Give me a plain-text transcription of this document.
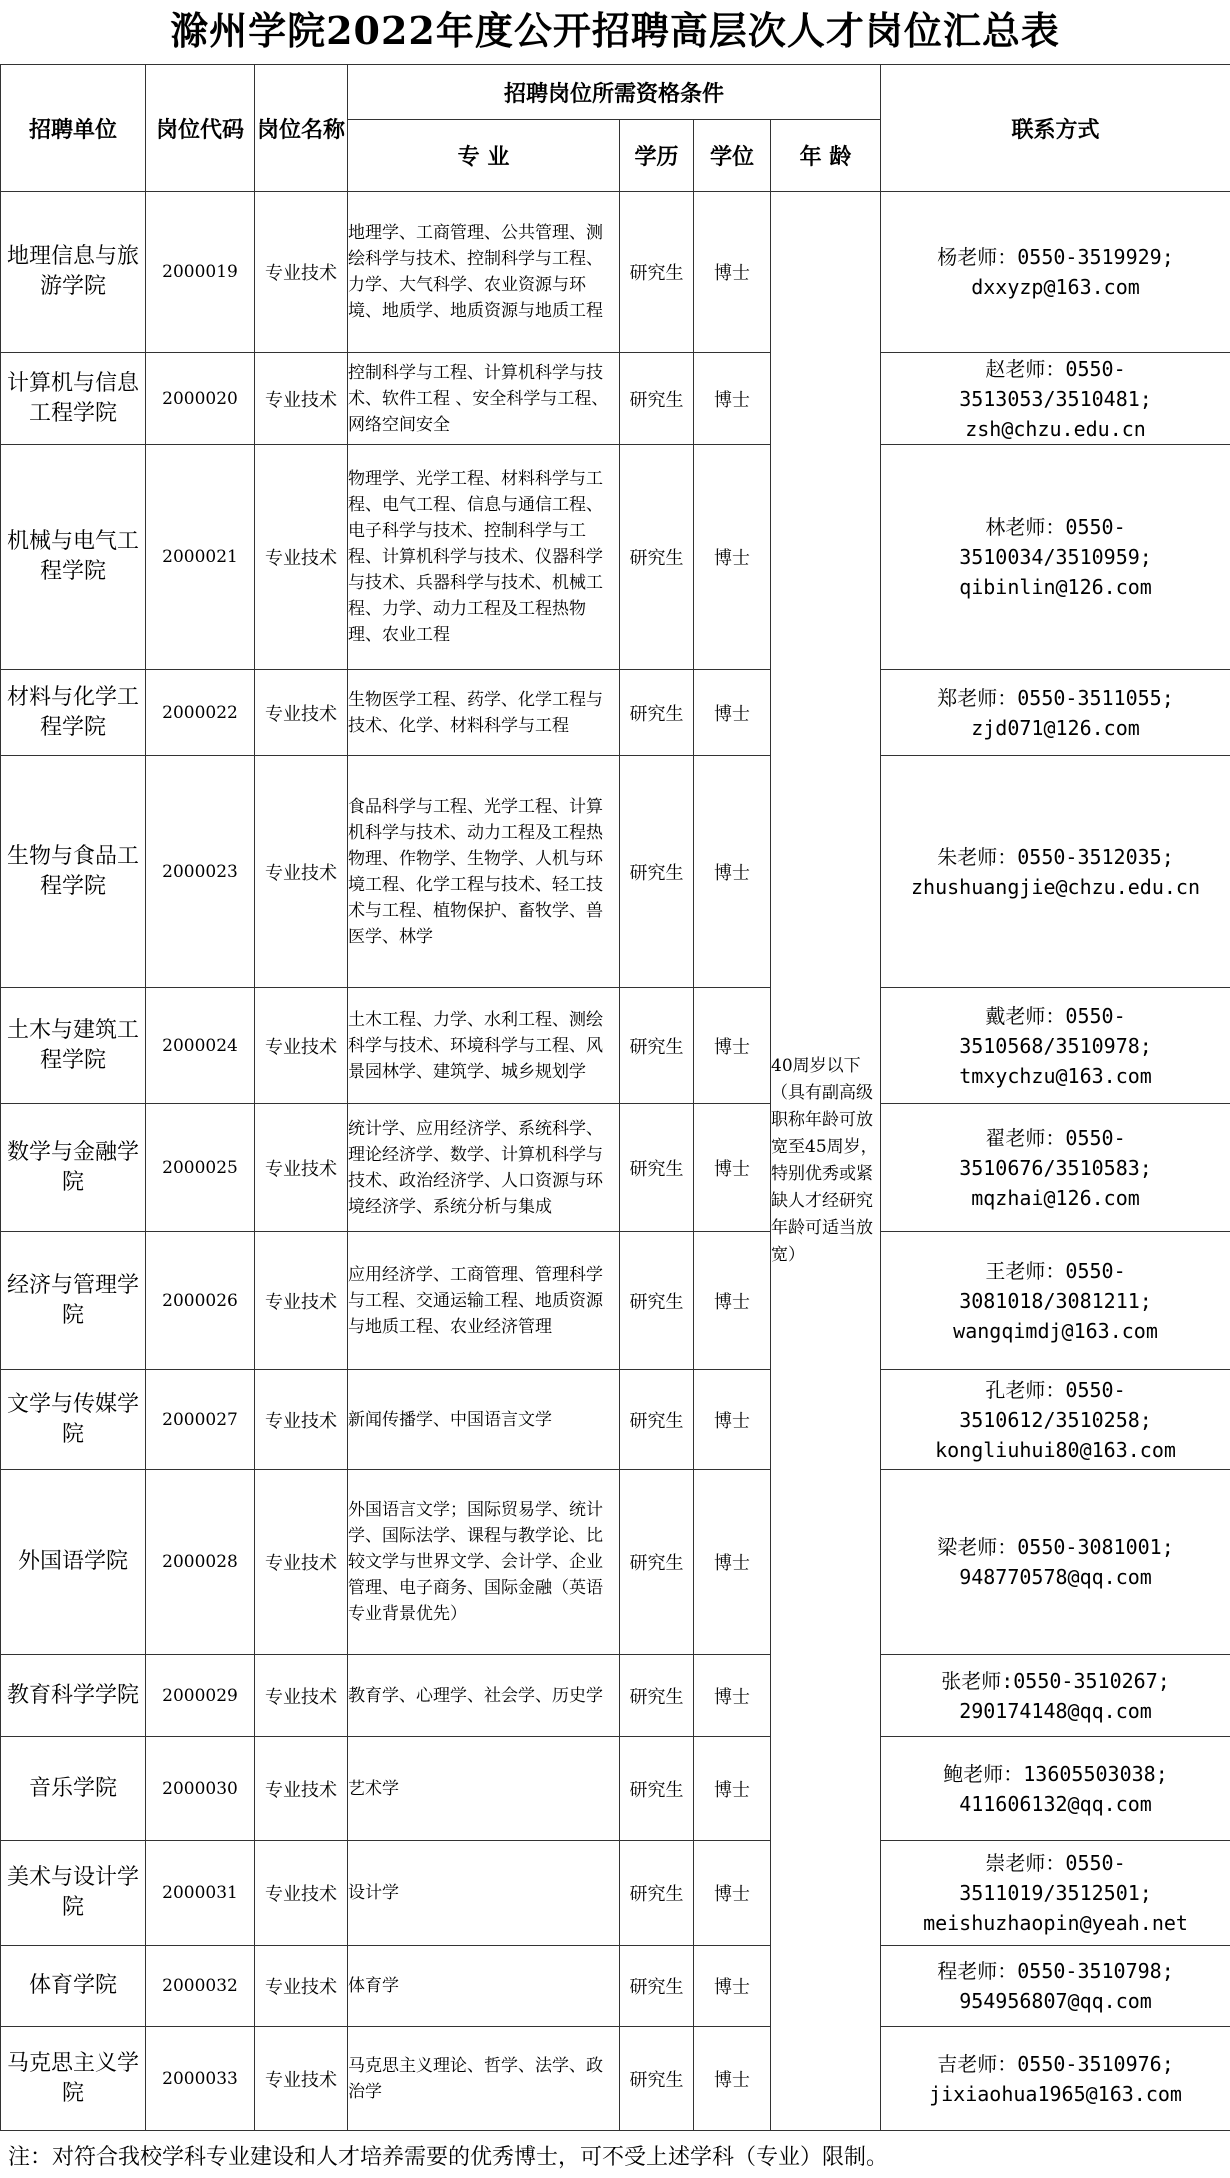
滁州学院2022年度公开招聘高层次人才岗位汇总表
招聘单位	岗位代码	岗位名称	招聘岗位所需资格条件				联系方式
			专 业	学历	学位	年 龄	
地理信息与旅游学院	2000019	专业技术	地理学、工商管理、公共管理、测绘科学与技术、控制科学与工程、力学、大气科学、农业资源与环境、地质学、地质资源与地质工程	研究生	博士	40周岁以下（具有副高级职称年龄可放宽至45周岁，特别优秀或紧缺人才经研究年龄可适当放宽）	杨老师：0550-3519929;
dxxyzp@163.com

计算机与信息工程学院	2000020	专业技术	控制科学与工程、计算机科学与技术、软件工程 、安全科学与工程、网络空间安全	研究生	博士		赵老师：0550-
3513053/3510481;
zsh@chzu.edu.cn

机械与电气工程学院	2000021	专业技术	物理学、光学工程、材料科学与工程、电气工程、信息与通信工程、电子科学与技术、控制科学与工程、计算机科学与技术、仪器科学与技术、兵器科学与技术、机械工程、力学、动力工程及工程热物理、农业工程	研究生	博士		林老师：0550-
3510034/3510959;
qibinlin@126.com

材料与化学工程学院	2000022	专业技术	生物医学工程、药学、化学工程与技术、化学、材料科学与工程	研究生	博士		郑老师：0550-3511055;
zjd071@126.com

生物与食品工程学院	2000023	专业技术	食品科学与工程、光学工程、计算机科学与技术、动力工程及工程热物理、作物学、生物学、人机与环境工程、化学工程与技术、轻工技术与工程、植物保护、畜牧学、兽医学、林学	研究生	博士		朱老师：0550-3512035;
zhushuangjie@chzu.edu.cn

土木与建筑工程学院	2000024	专业技术	土木工程、力学、水利工程、测绘科学与技术、环境科学与工程、风景园林学、建筑学、城乡规划学	研究生	博士		戴老师：0550-
3510568/3510978;
tmxychzu@163.com

数学与金融学院	2000025	专业技术	统计学、应用经济学、系统科学、理论经济学、数学、计算机科学与技术、政治经济学、人口资源与环境经济学、系统分析与集成	研究生	博士		翟老师：0550-
3510676/3510583;
mqzhai@126.com

经济与管理学院	2000026	专业技术	应用经济学、工商管理、管理科学与工程、交通运输工程、地质资源与地质工程、农业经济管理	研究生	博士		王老师：0550-
3081018/3081211;
wangqimdj@163.com

文学与传媒学院	2000027	专业技术	新闻传播学、中国语言文学	研究生	博士		孔老师：0550-
3510612/3510258;
kongliuhui80@163.com

外国语学院	2000028	专业技术	外国语言文学；国际贸易学、统计学、国际法学、课程与教学论、比较文学与世界文学、会计学、企业管理、电子商务、国际金融（英语专业背景优先）	研究生	博士		梁老师：0550-3081001;
948770578@qq.com

教育科学学院	2000029	专业技术	教育学、心理学、社会学、历史学	研究生	博士		张老师:0550-3510267;
290174148@qq.com

音乐学院	2000030	专业技术	艺术学	研究生	博士		鲍老师：13605503038;
411606132@qq.com

美术与设计学院	2000031	专业技术	设计学	研究生	博士		崇老师：0550-
3511019/3512501;
meishuzhaopin@yeah.net

体育学院	2000032	专业技术	体育学	研究生	博士		程老师：0550-3510798;
954956807@qq.com

马克思主义学院	2000033	专业技术	马克思主义理论、哲学、法学、政治学	研究生	博士		吉老师：0550-3510976;
jixiaohua1965@163.com
注：对符合我校学科专业建设和人才培养需要的优秀博士，可不受上述学科（专业）限制。
